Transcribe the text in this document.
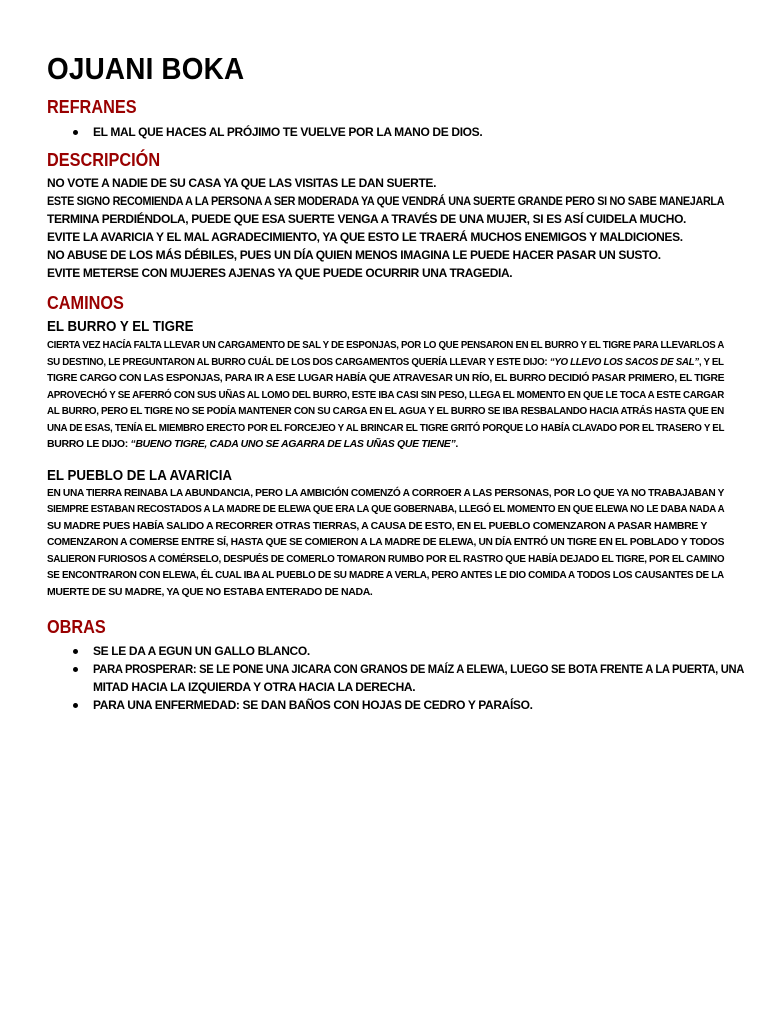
OJUANI BOKA
REFRANES
EL MAL QUE HACES AL PRÓJIMO TE VUELVE POR LA MANO DE DIOS.
DESCRIPCIÓN
NO VOTE A NADIE DE SU CASA YA QUE LAS VISITAS LE DAN SUERTE.
ESTE SIGNO RECOMIENDA A LA PERSONA A SER MODERADA YA QUE VENDRÁ UNA SUERTE GRANDE PERO SI NO SABE MANEJARLA
TERMINA PERDIÉNDOLA, PUEDE QUE ESA SUERTE VENGA A TRAVÉS DE UNA MUJER, SI ES ASÍ CUIDELA MUCHO.
EVITE LA AVARICIA Y EL MAL AGRADECIMIENTO, YA QUE ESTO LE TRAERÁ MUCHOS ENEMIGOS Y MALDICIONES.
NO ABUSE DE LOS MÁS DÉBILES, PUES UN DÍA QUIEN MENOS IMAGINA LE PUEDE HACER PASAR UN SUSTO.
EVITE METERSE CON MUJERES AJENAS YA QUE PUEDE OCURRIR UNA TRAGEDIA.
CAMINOS
EL BURRO Y EL TIGRE
CIERTA VEZ HACÍA FALTA LLEVAR UN CARGAMENTO DE SAL Y DE ESPONJAS, POR LO QUE PENSARON EN EL BURRO Y EL TIGRE PARA LLEVARLOS A
SU DESTINO, LE PREGUNTARON AL BURRO CUÁL DE LOS DOS CARGAMENTOS QUERÍA LLEVAR Y ESTE DIJO: “YO LLEVO LOS SACOS DE SAL”, Y EL
TIGRE CARGO CON LAS ESPONJAS, PARA IR A ESE LUGAR HABÍA QUE ATRAVESAR UN RÍO, EL BURRO DECIDIÓ PASAR PRIMERO, EL TIGRE
APROVECHÓ Y SE AFERRÓ CON SUS UÑAS AL LOMO DEL BURRO, ESTE IBA CASI SIN PESO, LLEGA EL MOMENTO EN QUE LE TOCA A ESTE CARGAR
AL BURRO, PERO EL TIGRE NO SE PODÍA MANTENER CON SU CARGA EN EL AGUA Y EL BURRO SE IBA RESBALANDO HACIA ATRÁS HASTA QUE EN
UNA DE ESAS, TENÍA EL MIEMBRO ERECTO POR EL FORCEJEO Y AL BRINCAR EL TIGRE GRITÓ PORQUE LO HABÍA CLAVADO POR EL TRASERO Y EL
BURRO LE DIJO: “BUENO TIGRE, CADA UNO SE AGARRA DE LAS UÑAS QUE TIENE”.
EL PUEBLO DE LA AVARICIA
EN UNA TIERRA REINABA LA ABUNDANCIA, PERO LA AMBICIÓN COMENZÓ A CORROER A LAS PERSONAS, POR LO QUE YA NO TRABAJABAN Y
SIEMPRE ESTABAN RECOSTADOS A LA MADRE DE ELEWA QUE ERA LA QUE GOBERNABA, LLEGÓ EL MOMENTO EN QUE ELEWA NO LE DABA NADA A
SU MADRE PUES HABÍA SALIDO A RECORRER OTRAS TIERRAS, A CAUSA DE ESTO, EN EL PUEBLO COMENZARON A PASAR HAMBRE Y
COMENZARON A COMERSE ENTRE SÍ, HASTA QUE SE COMIERON A LA MADRE DE ELEWA, UN DÍA ENTRÓ UN TIGRE EN EL POBLADO Y TODOS
SALIERON FURIOSOS A COMÉRSELO, DESPUÉS DE COMERLO TOMARON RUMBO POR EL RASTRO QUE HABÍA DEJADO EL TIGRE, POR EL CAMINO
SE ENCONTRARON CON ELEWA, ÉL CUAL IBA AL PUEBLO DE SU MADRE A VERLA, PERO ANTES LE DIO COMIDA A TODOS LOS CAUSANTES DE LA
MUERTE DE SU MADRE, YA QUE NO ESTABA ENTERADO DE NADA.
OBRAS
SE LE DA A EGUN UN GALLO BLANCO.
PARA PROSPERAR: SE LE PONE UNA JICARA CON GRANOS DE MAÍZ A ELEWA, LUEGO SE BOTA FRENTE A LA PUERTA, UNA
MITAD HACIA LA IZQUIERDA Y OTRA HACIA LA DERECHA.
PARA UNA ENFERMEDAD: SE DAN BAÑOS CON HOJAS DE CEDRO Y PARAÍSO.
